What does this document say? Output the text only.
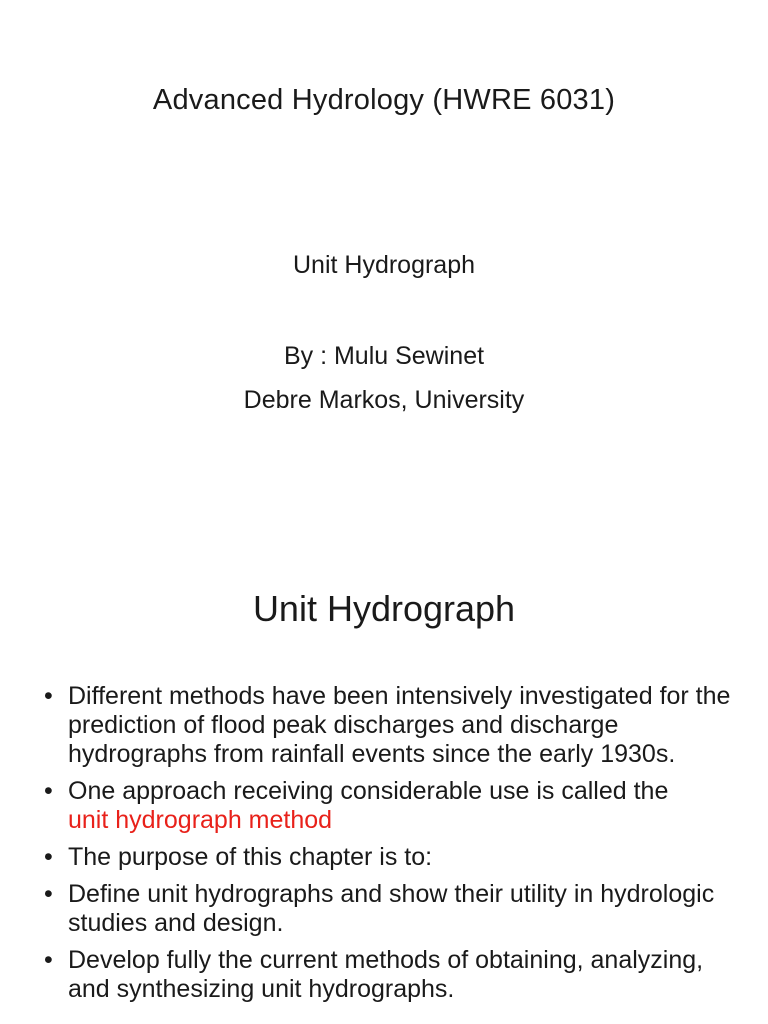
Advanced Hydrology (HWRE 6031)

Unit Hydrograph

By : Mulu Sewinet

Debre Markos, University

Unit Hydrograph
• Different methods have been intensively investigated for the prediction of flood peak discharges and discharge hydrographs from rainfall events since the early 1930s.
• One approach receiving considerable use is called the
unit hydrograph method
• The purpose of this chapter is to:
• Define unit hydrographs and show their utility in hydrologic studies and design.
• Develop fully the current methods of obtaining, analyzing, and synthesizing unit hydrographs.
